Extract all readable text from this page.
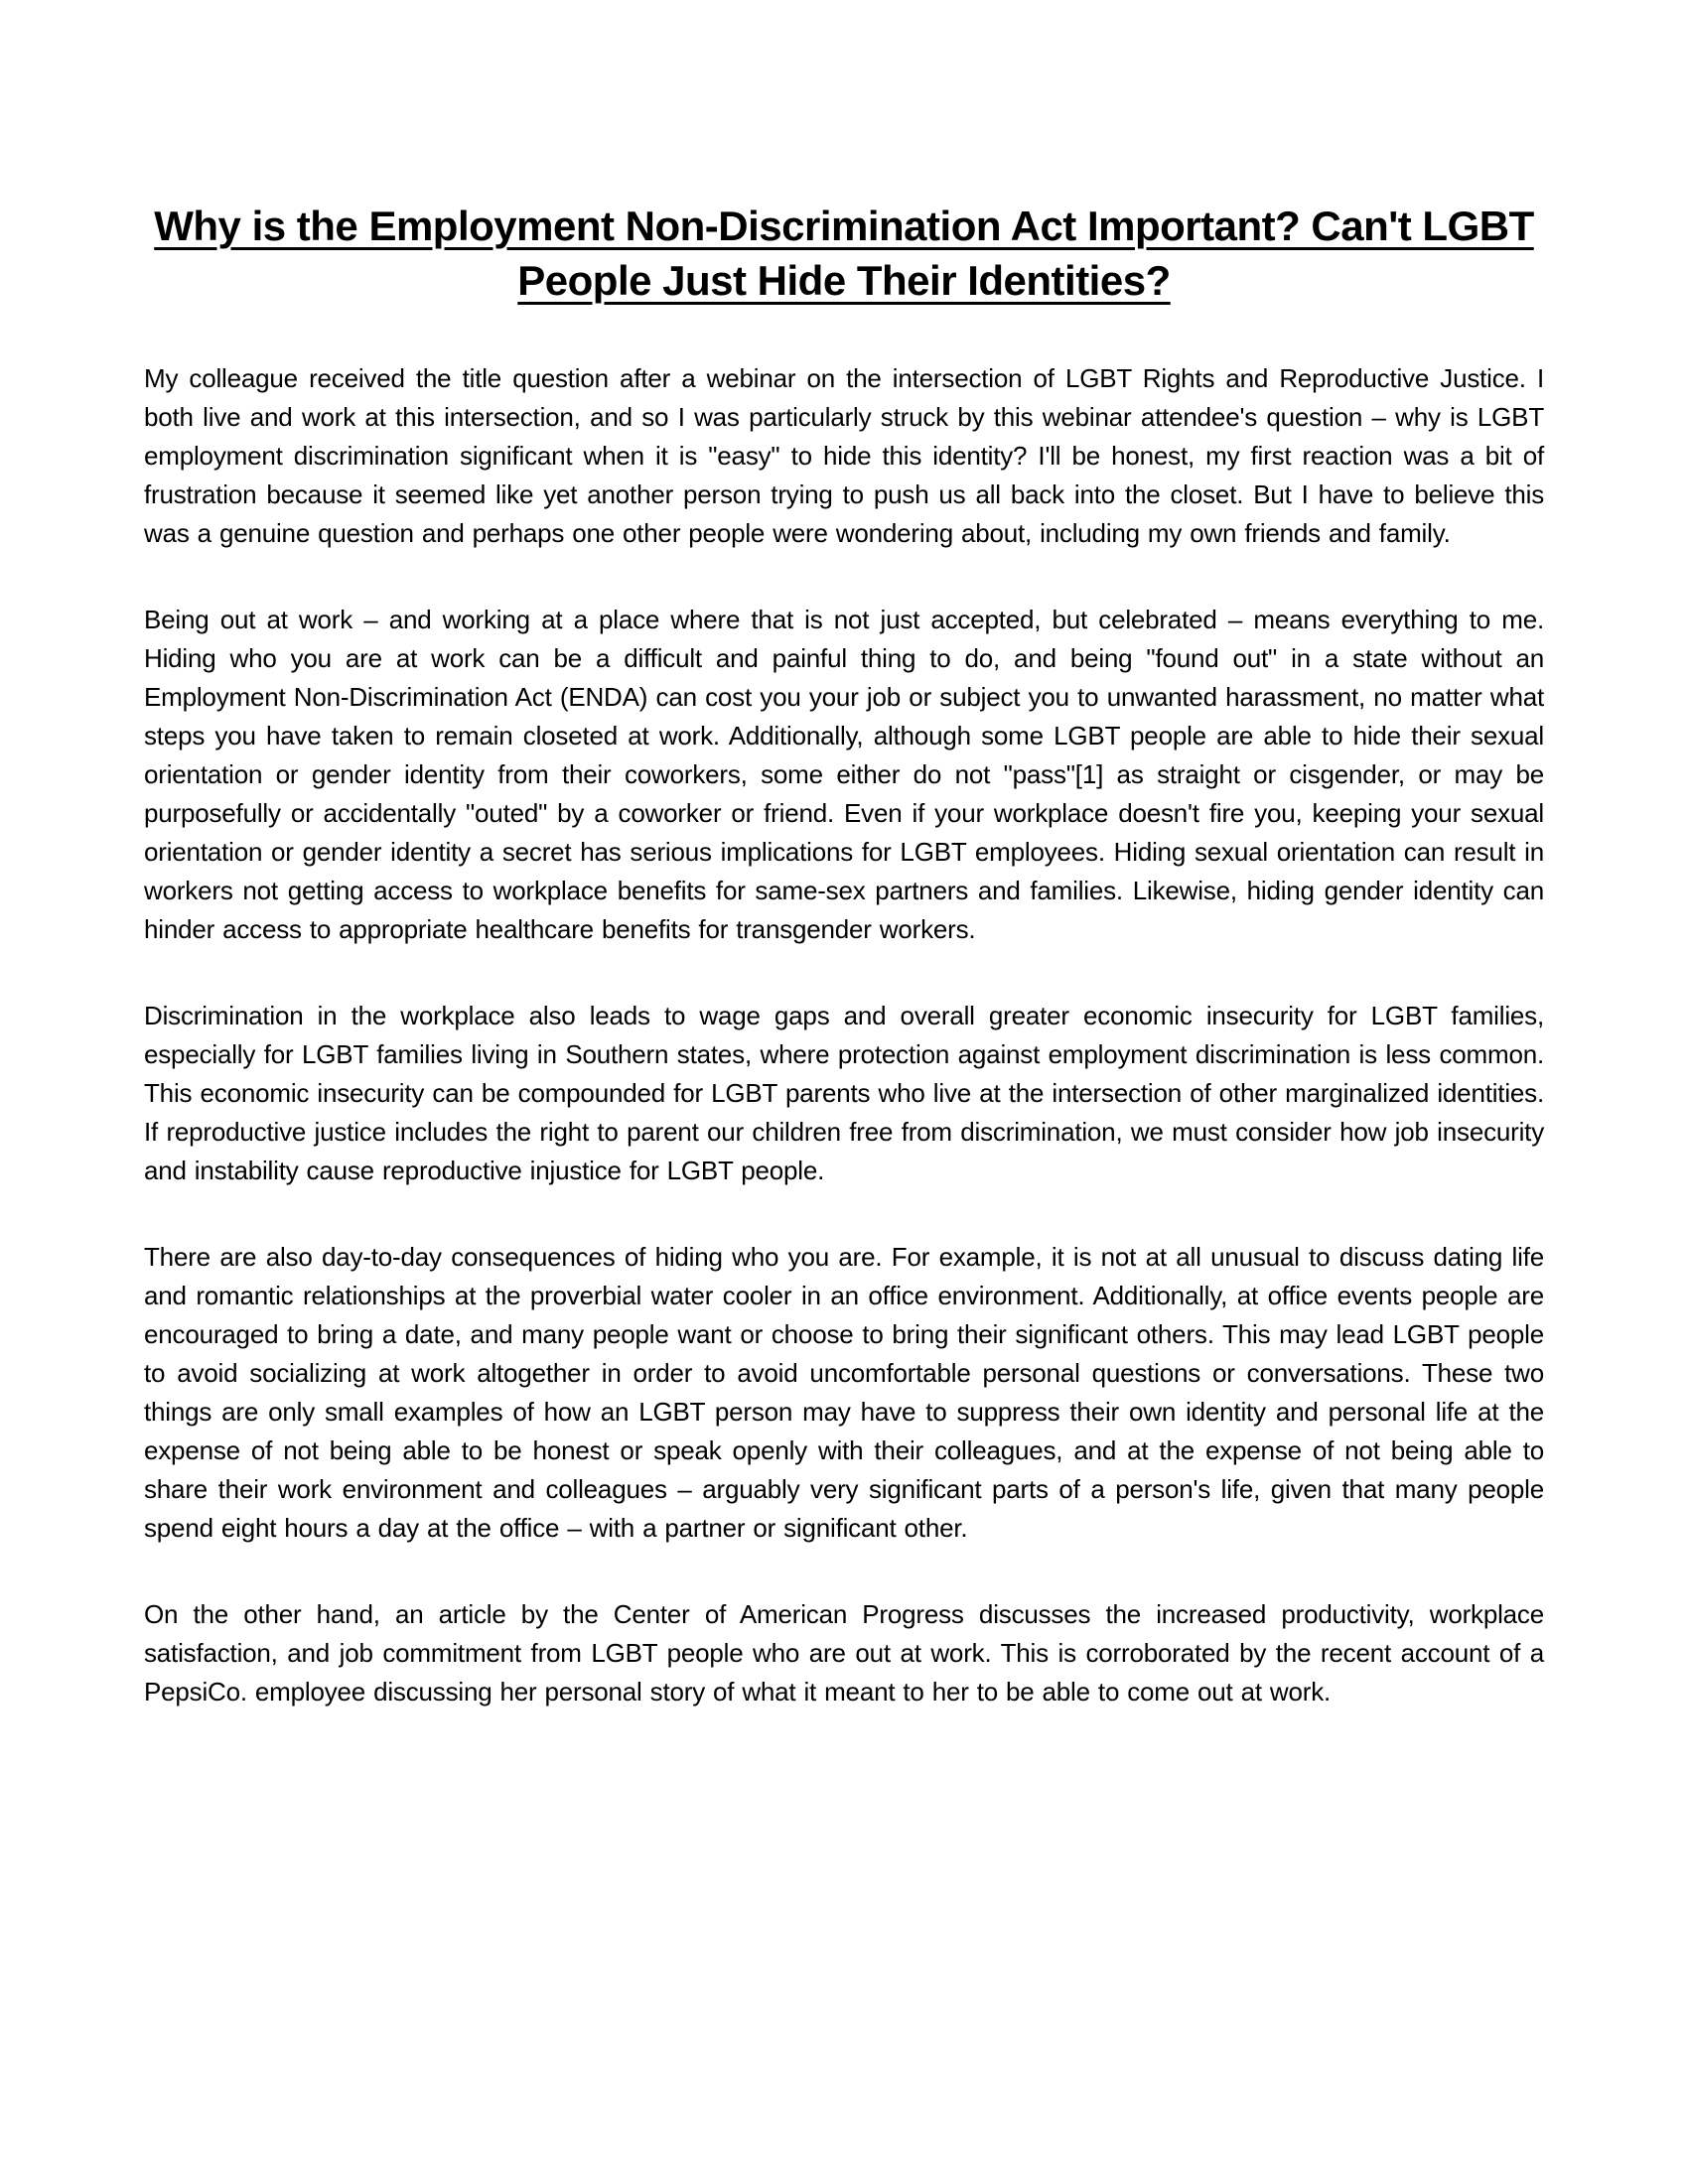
Why is the Employment Non-Discrimination Act Important? Can't LGBT People Just Hide Their Identities?

My colleague received the title question after a webinar on the intersection of LGBT Rights and Reproductive Justice. I both live and work at this intersection, and so I was particularly struck by this webinar attendee's question – why is LGBT employment discrimination significant when it is "easy" to hide this identity? I'll be honest, my first reaction was a bit of frustration because it seemed like yet another person trying to push us all back into the closet. But I have to believe this was a genuine question and perhaps one other people were wondering about, including my own friends and family.

Being out at work – and working at a place where that is not just accepted, but celebrated – means everything to me. Hiding who you are at work can be a difficult and painful thing to do, and being "found out" in a state without an Employment Non-Discrimination Act (ENDA) can cost you your job or subject you to unwanted harassment, no matter what steps you have taken to remain closeted at work. Additionally, although some LGBT people are able to hide their sexual orientation or gender identity from their coworkers, some either do not "pass"[1] as straight or cisgender, or may be purposefully or accidentally "outed" by a coworker or friend. Even if your workplace doesn't fire you, keeping your sexual orientation or gender identity a secret has serious implications for LGBT employees. Hiding sexual orientation can result in workers not getting access to workplace benefits for same-sex partners and families. Likewise, hiding gender identity can hinder access to appropriate healthcare benefits for transgender workers.

Discrimination in the workplace also leads to wage gaps and overall greater economic insecurity for LGBT families, especially for LGBT families living in Southern states, where protection against employment discrimination is less common. This economic insecurity can be compounded for LGBT parents who live at the intersection of other marginalized identities. If reproductive justice includes the right to parent our children free from discrimination, we must consider how job insecurity and instability cause reproductive injustice for LGBT people.

There are also day-to-day consequences of hiding who you are. For example, it is not at all unusual to discuss dating life and romantic relationships at the proverbial water cooler in an office environment. Additionally, at office events people are encouraged to bring a date, and many people want or choose to bring their significant others. This may lead LGBT people to avoid socializing at work altogether in order to avoid uncomfortable personal questions or conversations. These two things are only small examples of how an LGBT person may have to suppress their own identity and personal life at the expense of not being able to be honest or speak openly with their colleagues, and at the expense of not being able to share their work environment and colleagues – arguably very significant parts of a person's life, given that many people spend eight hours a day at the office – with a partner or significant other.

On the other hand, an article by the Center of American Progress discusses the increased productivity, workplace satisfaction, and job commitment from LGBT people who are out at work. This is corroborated by the recent account of a PepsiCo. employee discussing her personal story of what it meant to her to be able to come out at work.
